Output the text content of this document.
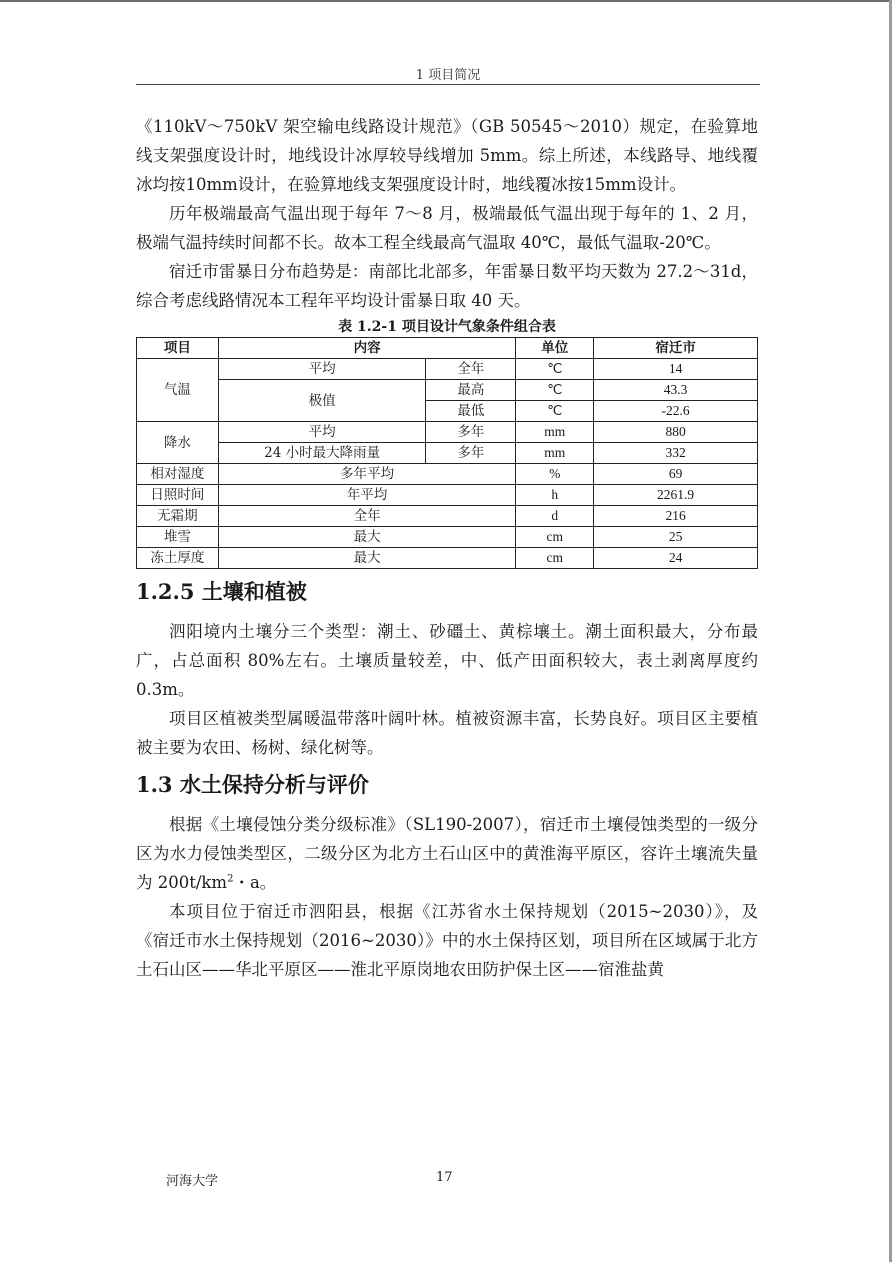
1 项目简况

《110kV～750kV 架空输电线路设计规范》（GB 50545～2010）规定，在验算地线支架强度设计时，地线设计冰厚较导线增加 5mm。综上所述，本线路导、地线覆冰均按10mm设计，在验算地线支架强度设计时，地线覆冰按15mm设计。

历年极端最高气温出现于每年 7～8 月，极端最低气温出现于每年的 1、2 月，极端气温持续时间都不长。故本工程全线最高气温取 40℃，最低气温取-20℃。

宿迁市雷暴日分布趋势是：南部比北部多，年雷暴日数平均天数为 27.2～31d，综合考虑线路情况本工程年平均设计雷暴日取 40 天。

表 1.2-1 项目设计气象条件组合表
项目	内容		单位	宿迁市
气温	平均	全年	℃	14
	极值	最高	℃	43.3
		最低	℃	-22.6
降水	平均	多年	mm	880
	24 小时最大降雨量	多年	mm	332
相对湿度	多年平均		%	69
日照时间	年平均		h	2261.9
无霜期	全年		d	216
堆雪	最大		cm	25
冻土厚度	最大		cm	24
1.2.5 土壤和植被

泗阳境内土壤分三个类型：潮土、砂礓土、黄棕壤土。潮土面积最大，分布最广，占总面积 80%左右。土壤质量较差，中、低产田面积较大，表土剥离厚度约 0.3m。

项目区植被类型属暖温带落叶阔叶林。植被资源丰富，长势良好。项目区主要植被主要为农田、杨树、绿化树等。

1.3 水土保持分析与评价

根据《土壤侵蚀分类分级标准》（SL190-2007），宿迁市土壤侵蚀类型的一级分区为水力侵蚀类型区，二级分区为北方土石山区中的黄淮海平原区，容许土壤流失量为 $200t/km^2$・a。

本项目位于宿迁市泗阳县，根据《江苏省水土保持规划（2015~2030）》，及《宿迁市水土保持规划（2016~2030）》中的水土保持区划，项目所在区域属于北方土石山区——华北平原区——淮北平原岗地农田防护保土区——宿淮盐黄

河海大学	17
